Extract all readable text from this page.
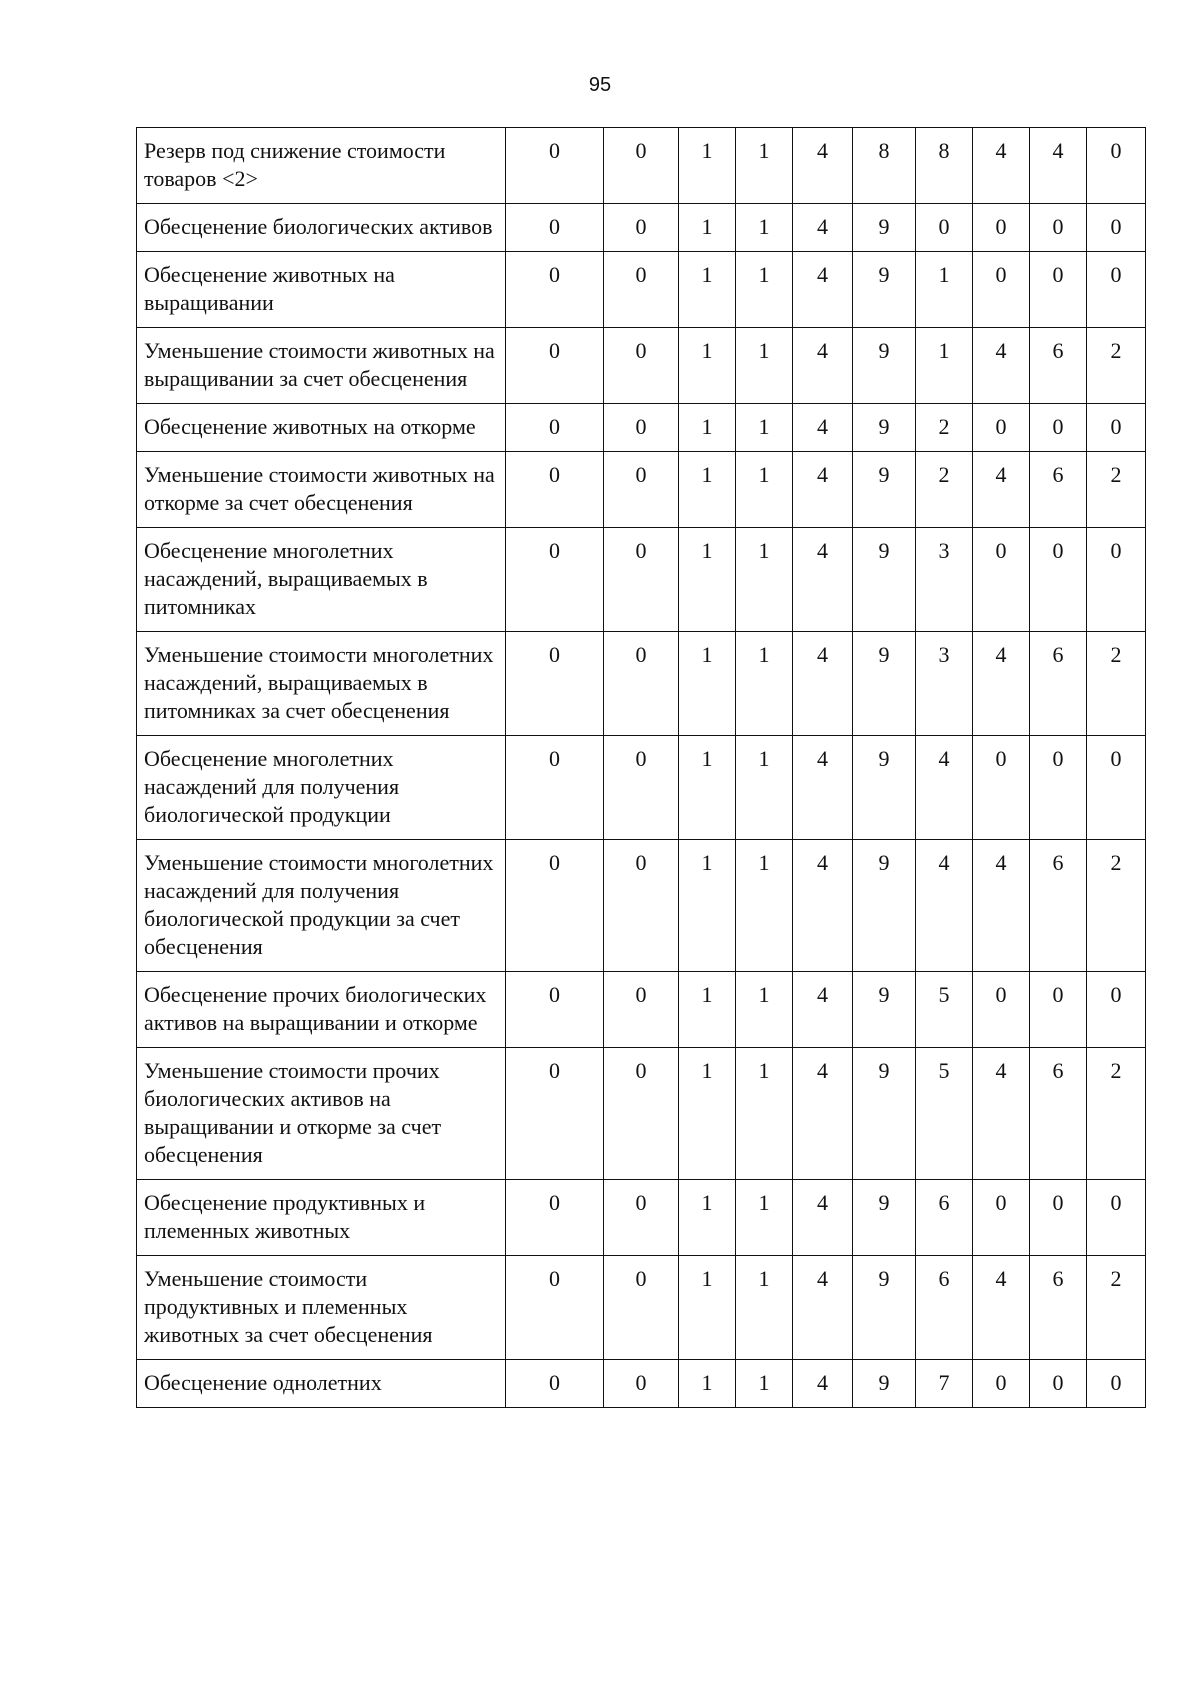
95
Резерв под снижение стоимости товаров <2>	0	0	1	1	4	8	8	4	4	0
Обесценение биологических активов	0	0	1	1	4	9	0	0	0	0
Обесценение животных на выращивании	0	0	1	1	4	9	1	0	0	0
Уменьшение стоимости животных на выращивании за счет обесценения	0	0	1	1	4	9	1	4	6	2
Обесценение животных на откорме	0	0	1	1	4	9	2	0	0	0
Уменьшение стоимости животных на откорме за счет обесценения	0	0	1	1	4	9	2	4	6	2
Обесценение многолетних насаждений, выращиваемых в питомниках	0	0	1	1	4	9	3	0	0	0
Уменьшение стоимости многолетних насаждений, выращиваемых в питомниках за счет обесценения	0	0	1	1	4	9	3	4	6	2
Обесценение многолетних насаждений для получения биологической продукции	0	0	1	1	4	9	4	0	0	0
Уменьшение стоимости многолетних насаждений для получения биологической продукции за счет обесценения	0	0	1	1	4	9	4	4	6	2
Обесценение прочих биологических активов на выращивании и откорме	0	0	1	1	4	9	5	0	0	0
Уменьшение стоимости прочих биологических активов на выращивании и откорме за счет обесценения	0	0	1	1	4	9	5	4	6	2
Обесценение продуктивных и племенных животных	0	0	1	1	4	9	6	0	0	0
Уменьшение стоимости продуктивных и племенных животных за счет обесценения	0	0	1	1	4	9	6	4	6	2
Обесценение однолетних	0	0	1	1	4	9	7	0	0	0
